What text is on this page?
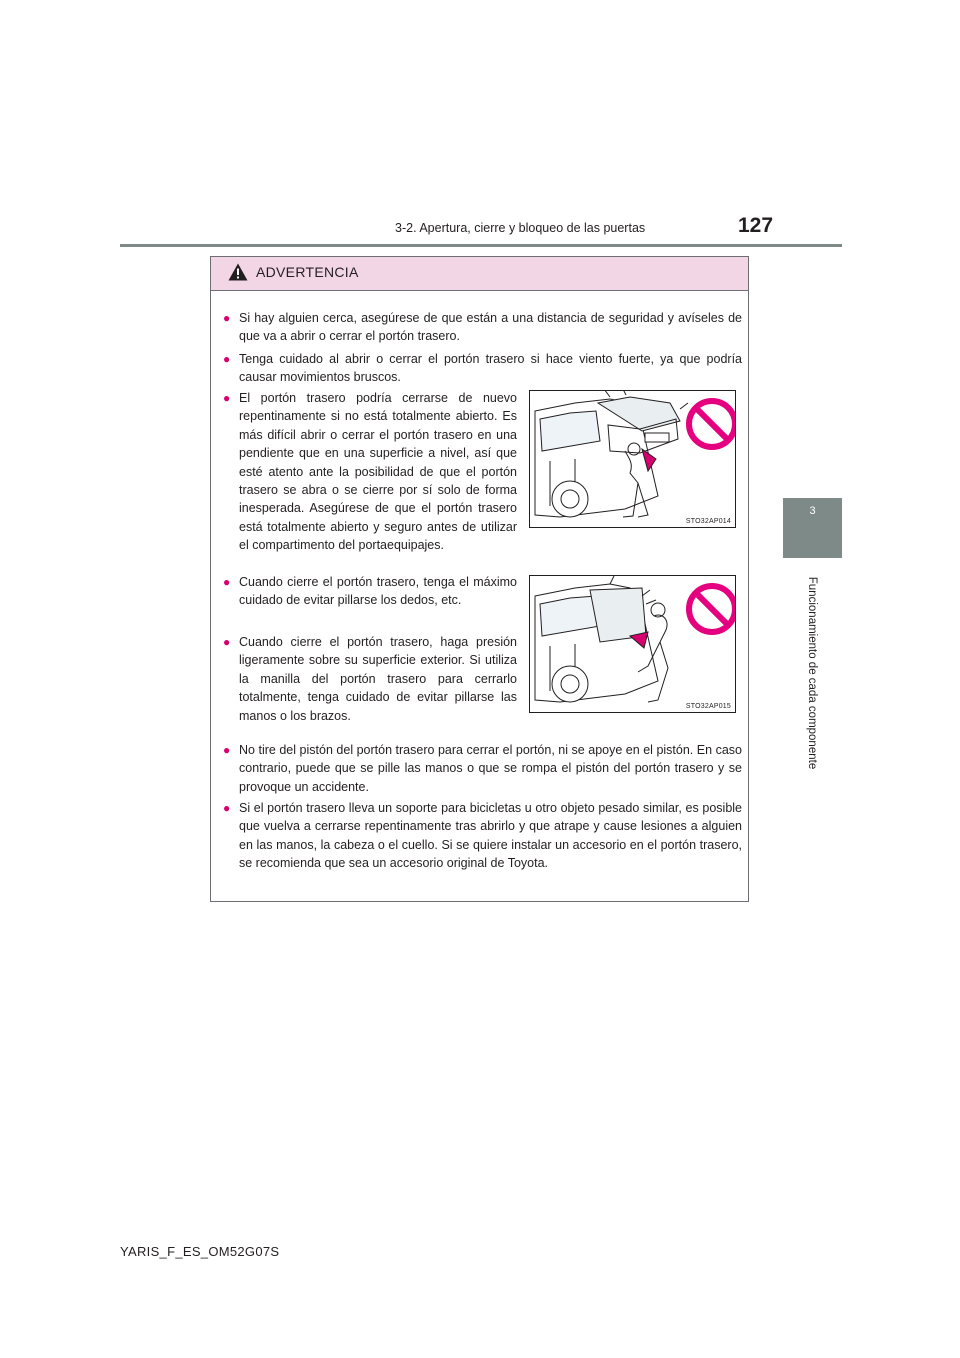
3-2. Apertura, cierre y bloqueo de las puertas	127
3
Funcionamiento de cada componente
ADVERTENCIA
● Si hay alguien cerca, asegúrese de que están a una distancia de seguridad y avíseles de que va a abrir o cerrar el portón trasero.
● Tenga cuidado al abrir o cerrar el portón trasero si hace viento fuerte, ya que podría causar movimientos bruscos.
● El portón trasero podría cerrarse de nuevo repentinamente si no está totalmente abierto. Es más difícil abrir o cerrar el portón trasero en una pendiente que en una superficie a nivel, así que esté atento ante la posibilidad de que el portón trasero se abra o se cierre por sí solo de forma inesperada. Asegúrese de que el portón trasero está totalmente abierto y seguro antes de utilizar el compartimento del portaequipajes.
STO32AP014
● Cuando cierre el portón trasero, tenga el máximo cuidado de evitar pillarse los dedos, etc.
● Cuando cierre el portón trasero, haga presión ligeramente sobre su superficie exterior. Si utiliza la manilla del portón trasero para cerrarlo totalmente, tenga cuidado de evitar pillarse las manos o los brazos.
STO32AP015
● No tire del pistón del portón trasero para cerrar el portón, ni se apoye en el pistón. En caso contrario, puede que se pille las manos o que se rompa el pistón del portón trasero y se provoque un accidente.
● Si el portón trasero lleva un soporte para bicicletas u otro objeto pesado similar, es posible que vuelva a cerrarse repentinamente tras abrirlo y que atrape y cause lesiones a alguien en las manos, la cabeza o el cuello. Si se quiere instalar un accesorio en el portón trasero, se recomienda que sea un accesorio original de Toyota.
YARIS_F_ES_OM52G07S
